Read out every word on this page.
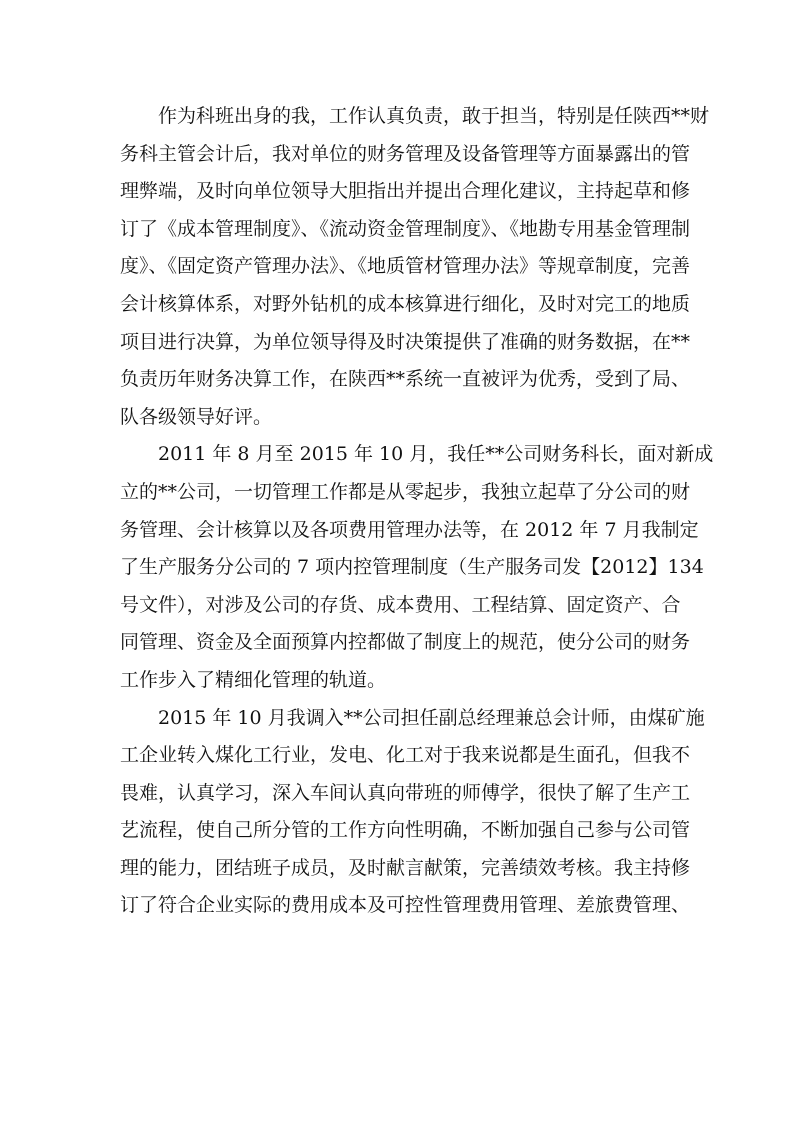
作为科班出身的我，工作认真负责，敢于担当，特别是任陕西**财
务科主管会计后，我对单位的财务管理及设备管理等方面暴露出的管
理弊端，及时向单位领导大胆指出并提出合理化建议，主持起草和修
订了《成本管理制度》、《流动资金管理制度》、《地勘专用基金管理制
度》、《固定资产管理办法》、《地质管材管理办法》等规章制度，完善
会计核算体系，对野外钻机的成本核算进行细化，及时对完工的地质
项目进行决算，为单位领导得及时决策提供了准确的财务数据，在**
负责历年财务决算工作，在陕西**系统一直被评为优秀，受到了局、
队各级领导好评。
2011 年 8 月至 2015 年 10 月，我任**公司财务科长，面对新成
立的**公司，一切管理工作都是从零起步，我独立起草了分公司的财
务管理、会计核算以及各项费用管理办法等，在 2012 年 7 月我制定
了生产服务分公司的 7 项内控管理制度（生产服务司发【2012】134
号文件），对涉及公司的存货、成本费用、工程结算、固定资产、合
同管理、资金及全面预算内控都做了制度上的规范，使分公司的财务
工作步入了精细化管理的轨道。
2015 年 10 月我调入**公司担任副总经理兼总会计师，由煤矿施
工企业转入煤化工行业，发电、化工对于我来说都是生面孔，但我不
畏难，认真学习，深入车间认真向带班的师傅学，很快了解了生产工
艺流程，使自己所分管的工作方向性明确，不断加强自己参与公司管
理的能力，团结班子成员，及时献言献策，完善绩效考核。我主持修
订了符合企业实际的费用成本及可控性管理费用管理、差旅费管理、
